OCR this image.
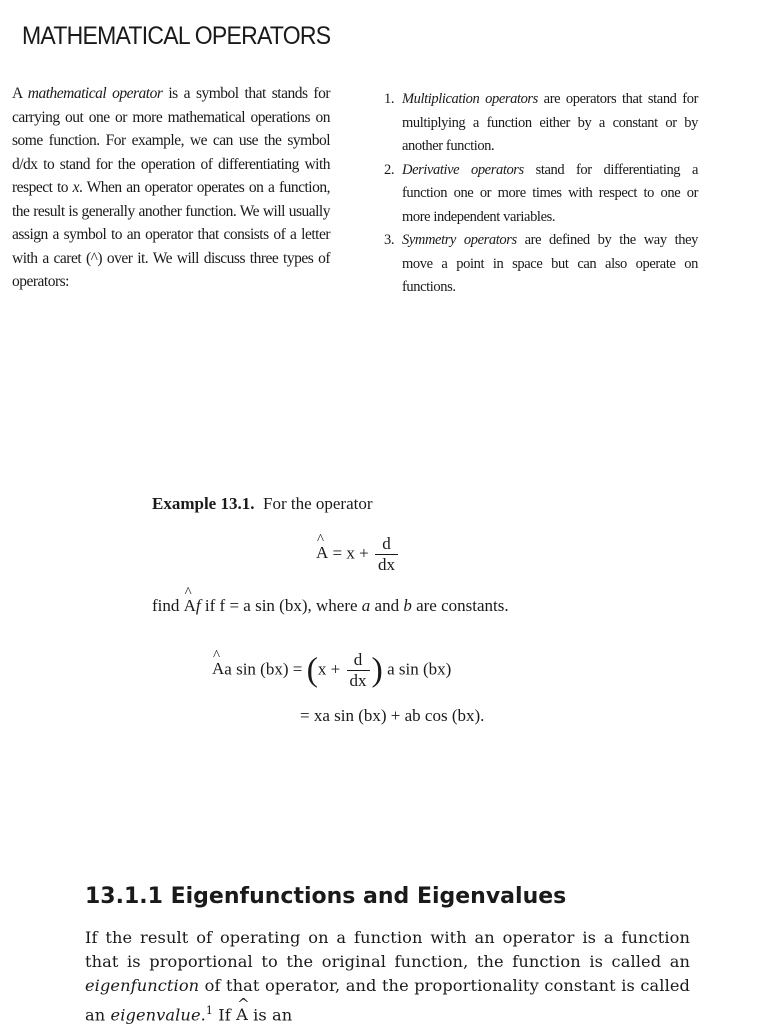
MATHEMATICAL OPERATORS

A mathematical operator is a symbol that stands for carrying out one or more mathematical operations on some function. For example, we can use the symbol d/dx to stand for the operation of differentiating with respect to x. When an operator operates on a function, the result is generally another function. We will usually assign a symbol to an operator that consists of a letter with a caret (^) over it. We will discuss three types of operators:

1. Multiplication operators are operators that stand for multiplying a function either by a constant or by another function.
2. Derivative operators stand for differentiating a function one or more times with respect to one or more independent variables.
3. Symmetry operators are defined by the way they move a point in space but can also operate on functions.

Example 13.1. For the operator

^ $A = x + \frac{d}{dx}$
find ^ Af if f = a sin (bx), where a and b are constants.
^ Aa $\sin (bx) = (x + \frac{d}{dx}$ ) a sin (bx)
= xa sin (bx) + ab cos (bx).
13.1.1 Eigenfunctions and Eigenvalues

If the result of operating on a function with an operator is a function that is proportional to the original function, the function is called an eigenfunction of that operator, and the proportionality constant is called an eigenvalue.$^1$ If ^ A is an
